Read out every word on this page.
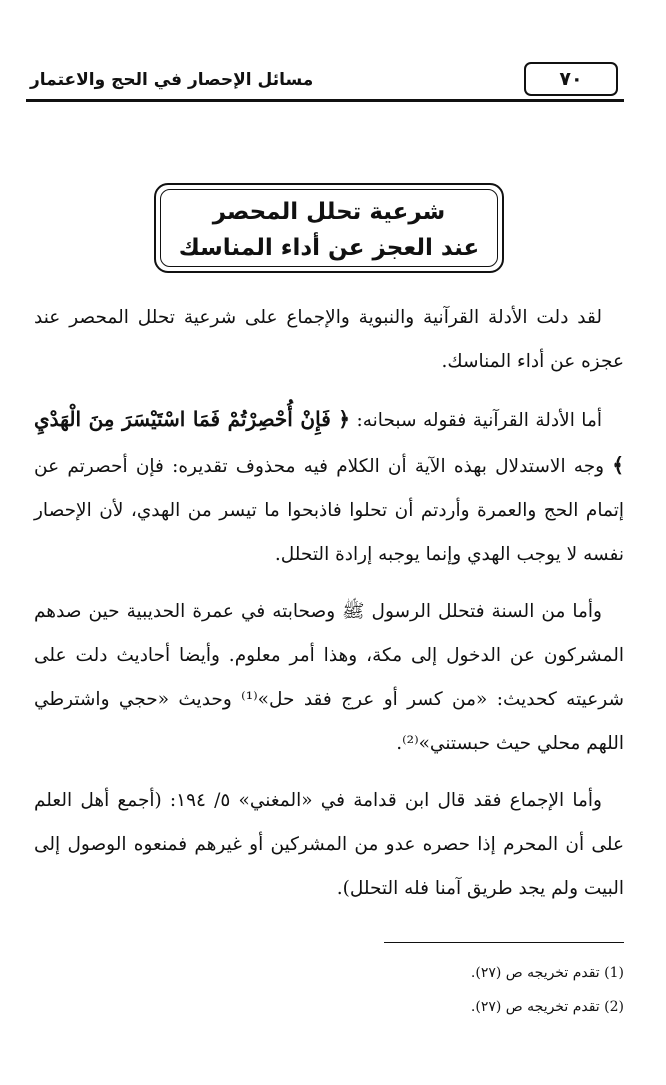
مسائل الإحصار في الحج والاعتمار	٧٠
شرعية تحلل المحصر
عند العجز عن أداء المناسك

لقد دلت الأدلة القرآنية والنبوية والإجماع على شرعية تحلل المحصر عند عجزه عن أداء المناسك.

أما الأدلة القرآنية فقوله سبحانه: ﴿ فَإِنْ أُحْصِرْتُمْ فَمَا اسْتَيْسَرَ مِنَ الْهَدْيِ ﴾ وجه الاستدلال بهذه الآية أن الكلام فيه محذوف تقديره: فإن أحصرتم عن إتمام الحج والعمرة وأردتم أن تحلوا فاذبحوا ما تيسر من الهدي، لأن الإحصار نفسه لا يوجب الهدي وإنما يوجبه إرادة التحلل.

وأما من السنة فتحلل الرسول ﷺ وصحابته في عمرة الحديبية حين صدهم المشركون عن الدخول إلى مكة، وهذا أمر معلوم. وأيضا أحاديث دلت على شرعيته كحديث: «من كسر أو عرج فقد حل»⁽¹⁾ وحديث «حجي واشترطي اللهم محلي حيث حبستني»⁽²⁾.

وأما الإجماع فقد قال ابن قدامة في «المغني» ٥/ ١٩٤: (أجمع أهل العلم على أن المحرم إذا حصره عدو من المشركين أو غيرهم فمنعوه الوصول إلى البيت ولم يجد طريق آمنا فله التحلل).

(1) تقدم تخريجه ص (٢٧).
(2) تقدم تخريجه ص (٢٧).
